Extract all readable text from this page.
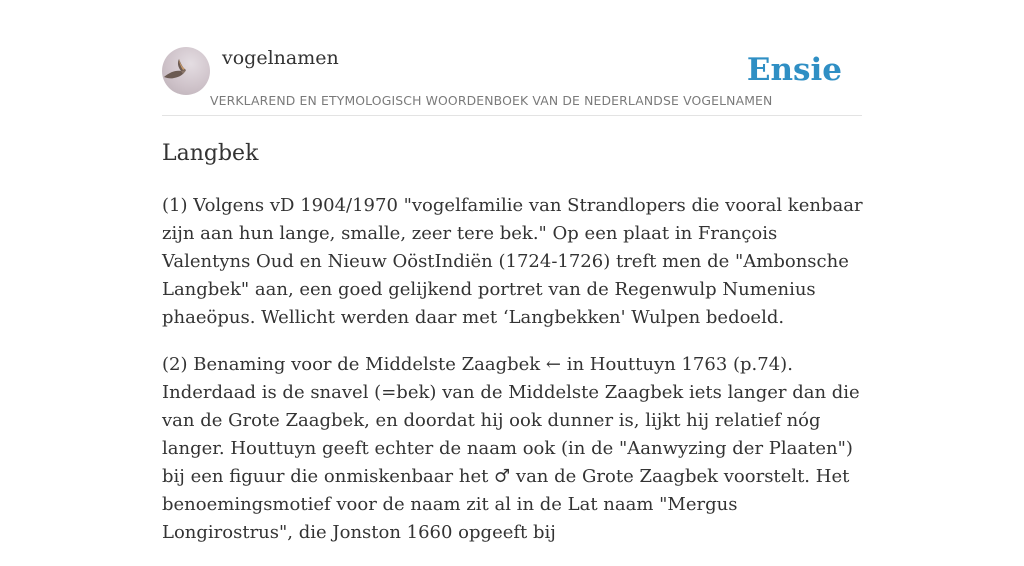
vogelnamen	Ensie
VERKLAREND EN ETYMOLOGISCH WOORDENBOEK VAN DE NEDERLANDSE VOGELNAMEN
Langbek

(1) Volgens vD 1904/1970 "vogelfamilie van Strandlopers die vooral kenbaar zijn aan hun lange, smalle, zeer tere bek." Op een plaat in François Valentyns Oud en Nieuw OöstIndiën (1724-1726) treft men de "Ambonsche Langbek" aan, een goed gelijkend portret van de Regenwulp Numenius phaeöpus. Wellicht werden daar met ‘Langbekken' Wulpen bedoeld.

(2) Benaming voor de Middelste Zaagbek ← in Houttuyn 1763 (p.74). Inderdaad is de snavel (=bek) van de Middelste Zaagbek iets langer dan die van de Grote Zaagbek, en doordat hij ook dunner is, lijkt hij relatief nóg langer. Houttuyn geeft echter de naam ook (in de "Aanwyzing der Plaaten") bij een figuur die onmiskenbaar het ♂ van de Grote Zaagbek voorstelt. Het benoemingsmotief voor de naam zit al in de Lat naam "Mergus Longirostrus", die Jonston 1660 opgeeft bij
